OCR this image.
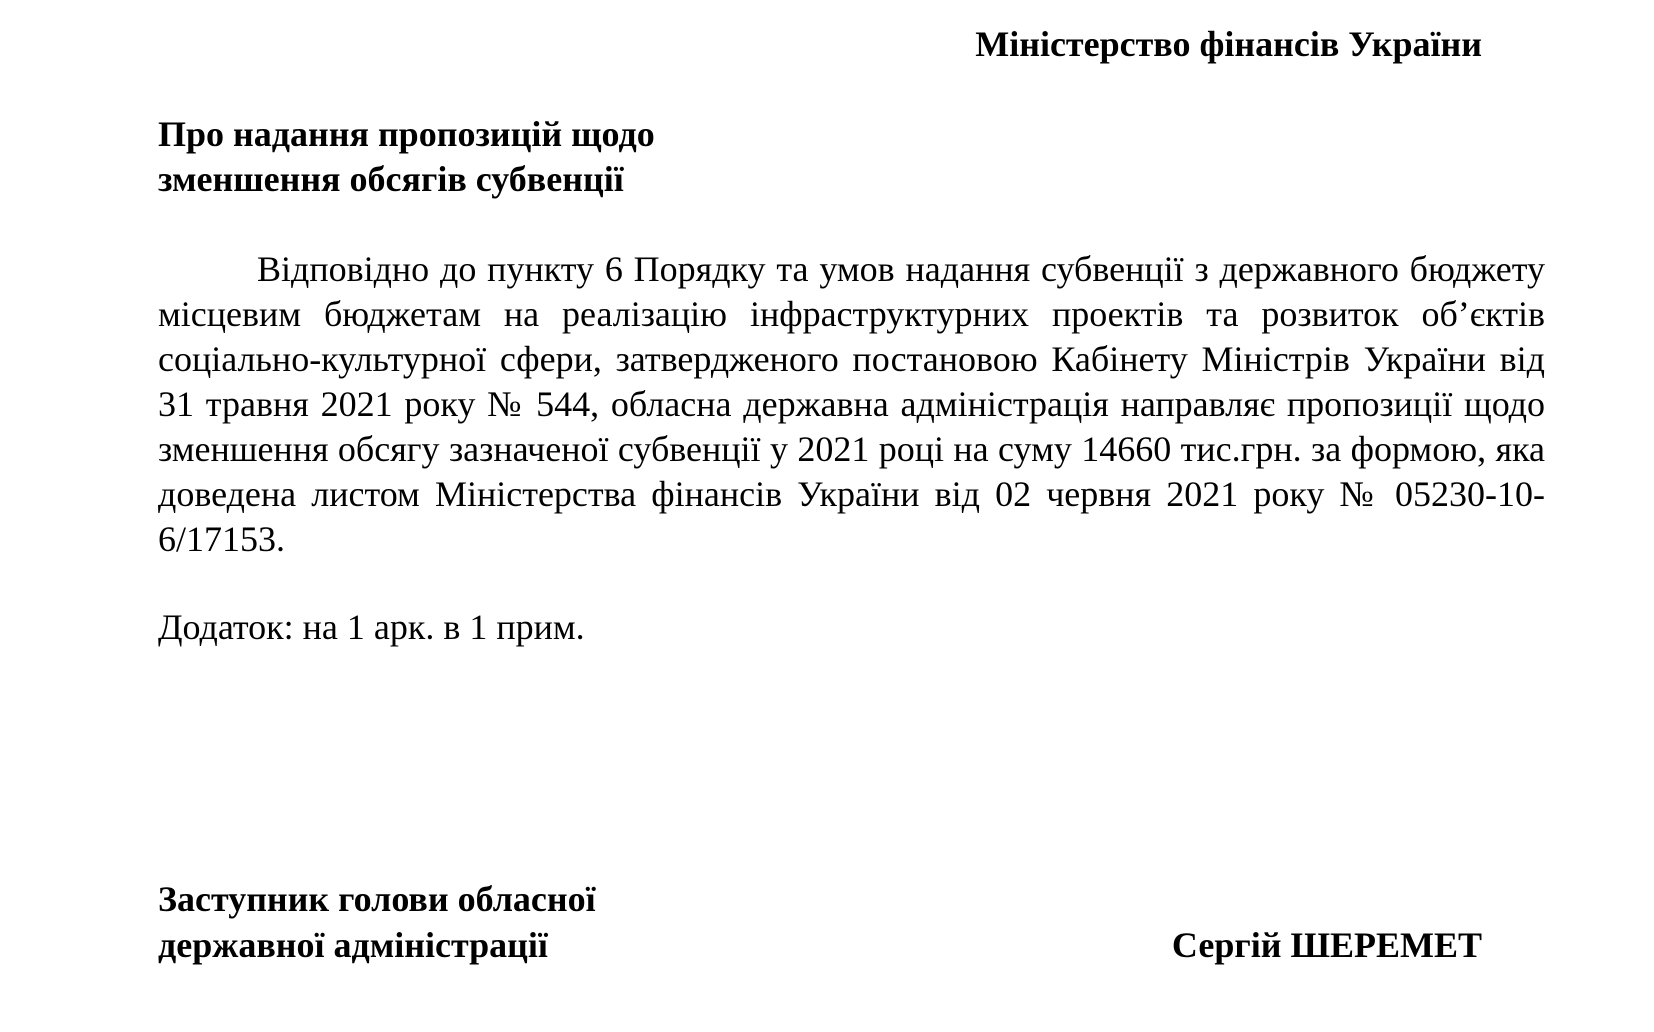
Міністерство фінансів України
Про надання пропозицій щодо
зменшення обсягів субвенції
Відповідно до пункту 6 Порядку та умов надання субвенції з державного бюджету місцевим бюджетам на реалізацію інфраструктурних проектів та розвиток об’єктів соціально-культурної сфери, затвердженого постановою Кабінету Міністрів України від 31 травня 2021 року № 544, обласна державна адміністрація направляє пропозиції щодо зменшення обсягу зазначеної субвенції у 2021 році на суму 14660 тис.грн. за формою, яка доведена листом Міністерства фінансів України від 02 червня 2021 року № 05230-10-6/17153.
Додаток: на 1 арк. в 1 прим.
Заступник голови обласної
державної адміністрації	Сергій ШЕРЕМЕТ
